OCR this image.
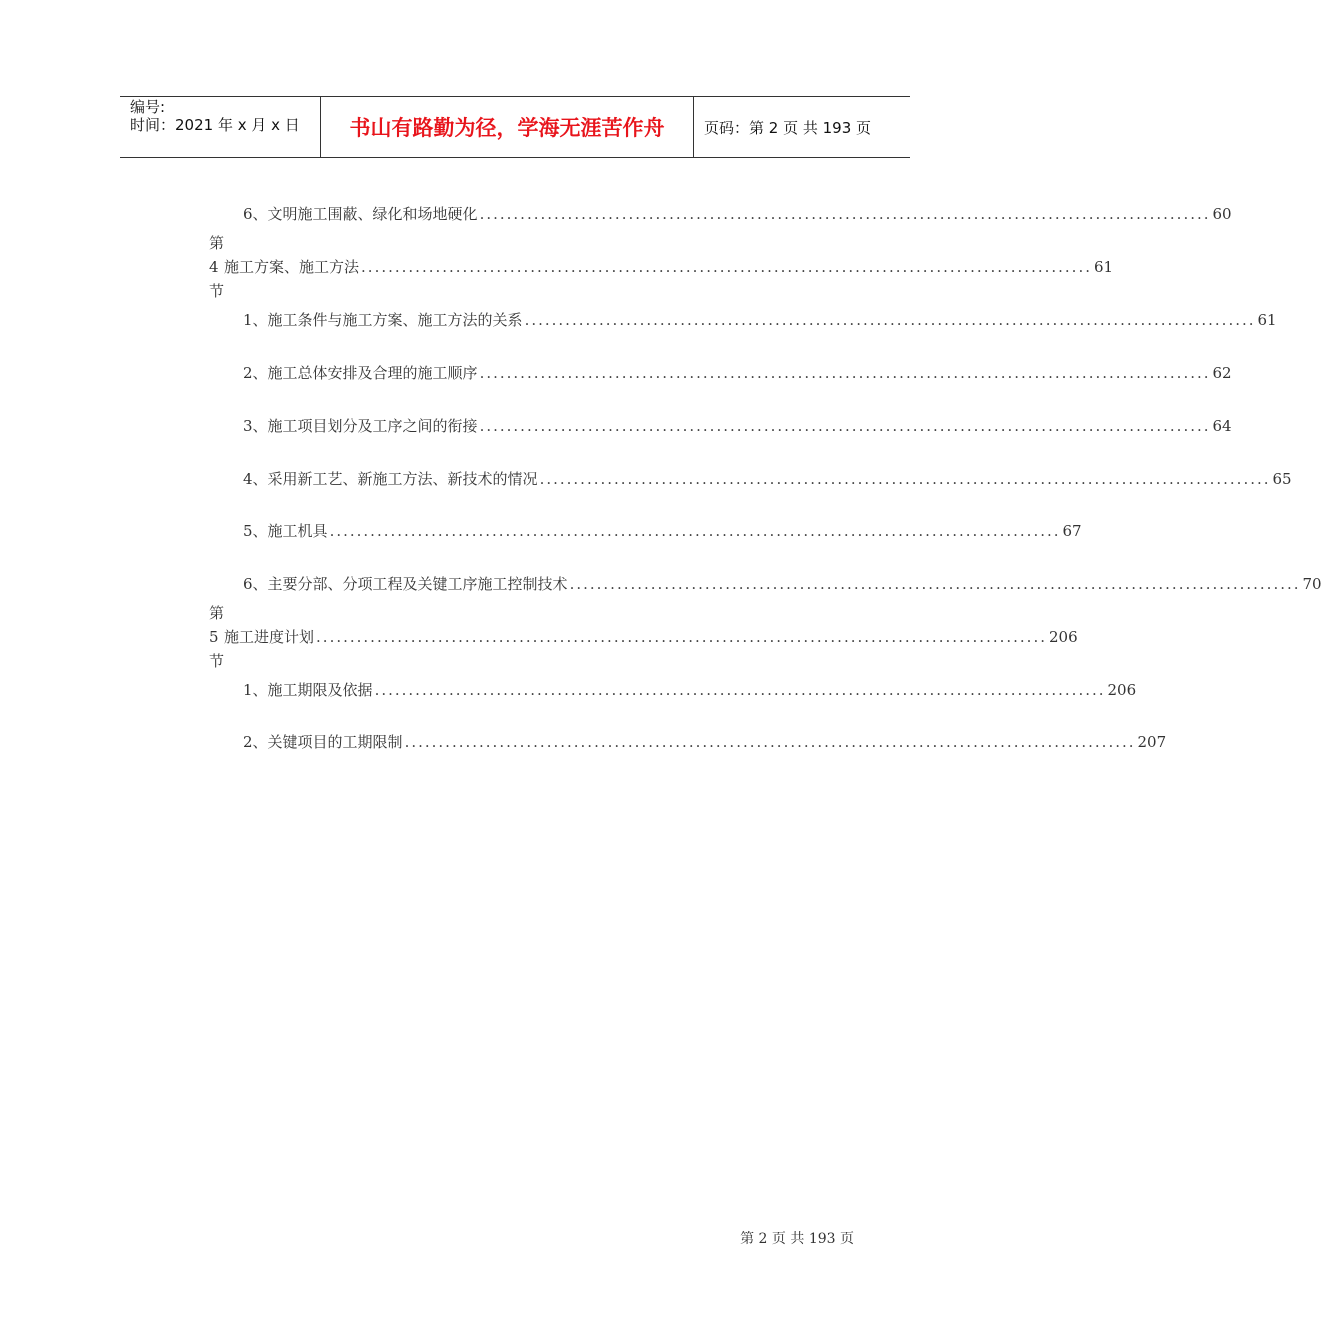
编号:
时间：2021 年 x 月 x 日 书山有路勤为径，学海无涯苦作舟	页码：第 2 页 共 193 页
6、 文明施工围蔽、绿化和场地硬化 ............................................................................................................ 60
第 4 节
施工方案、施工方法 ............................................................................................................ 61
1、 施工条件与施工方案、施工方法的关系 ............................................................................................................ 61
2、 施工总体安排及合理的施工顺序 ............................................................................................................ 62
3、 施工项目划分及工序之间的衔接 ............................................................................................................ 64
4、 采用新工艺、新施工方法、新技术的情况 ............................................................................................................ 65
5、 施工机具 ............................................................................................................ 67
6、 主要分部、分项工程及关键工序施工控制技术 ............................................................................................................ 70
第 5 节
施工进度计划 ............................................................................................................ 206
1、 施工期限及依据 ............................................................................................................ 206
2、 关键项目的工期限制 ............................................................................................................ 207
第 2 页 共 193 页
